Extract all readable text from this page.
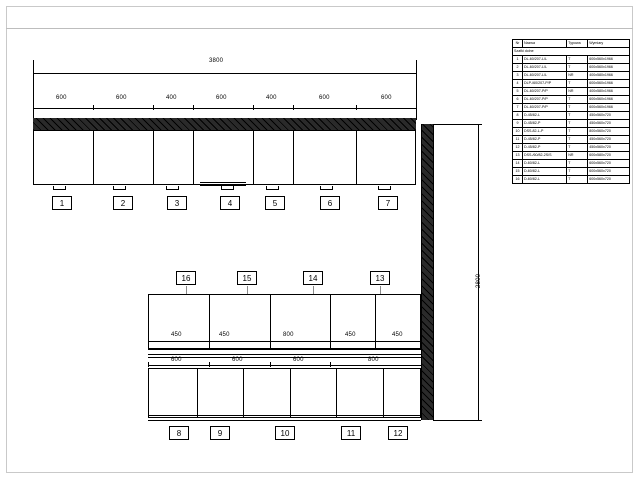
3800
600	600	400	600	400	600	600

1	2	3	4	5	6	7
2800
16	15	14	13
450	450	800	450	450
600	600	600	800
8	9	10	11	12
Nr	Nazwa	Typowa	Wymiary
Szafki dolne			
1	DL-60/207-L/L	T	600x560x1966
2	DL-60/207-L/L	T	600x560x1966
3	DL-60/207-L/L	NR	400x580x1966
4	DLP-/60/207-P/P	T	600x560x1966
5	DL-60/207-P/P	NR	400x580x1966
6	DL-60/207-P/P	T	600x560x1966
7	DL-60/207-P/P	T	600x560x1966
8	D-45/82-L	T	450x560x720
9	D-45/82-P	T	450x560x720
10	DSS-82-L-P	T	800x560x720
11	D-45/82-P	T	450x560x720
12	D-45/82-P	T	450x560x720
13	DSS-/60/82-2S/S	NR	600x580x720
14	D-60/82-L	T	600x560x720
15	D-60/82-L	T	600x560x720
16	D-60/82-L	T	600x560x720
